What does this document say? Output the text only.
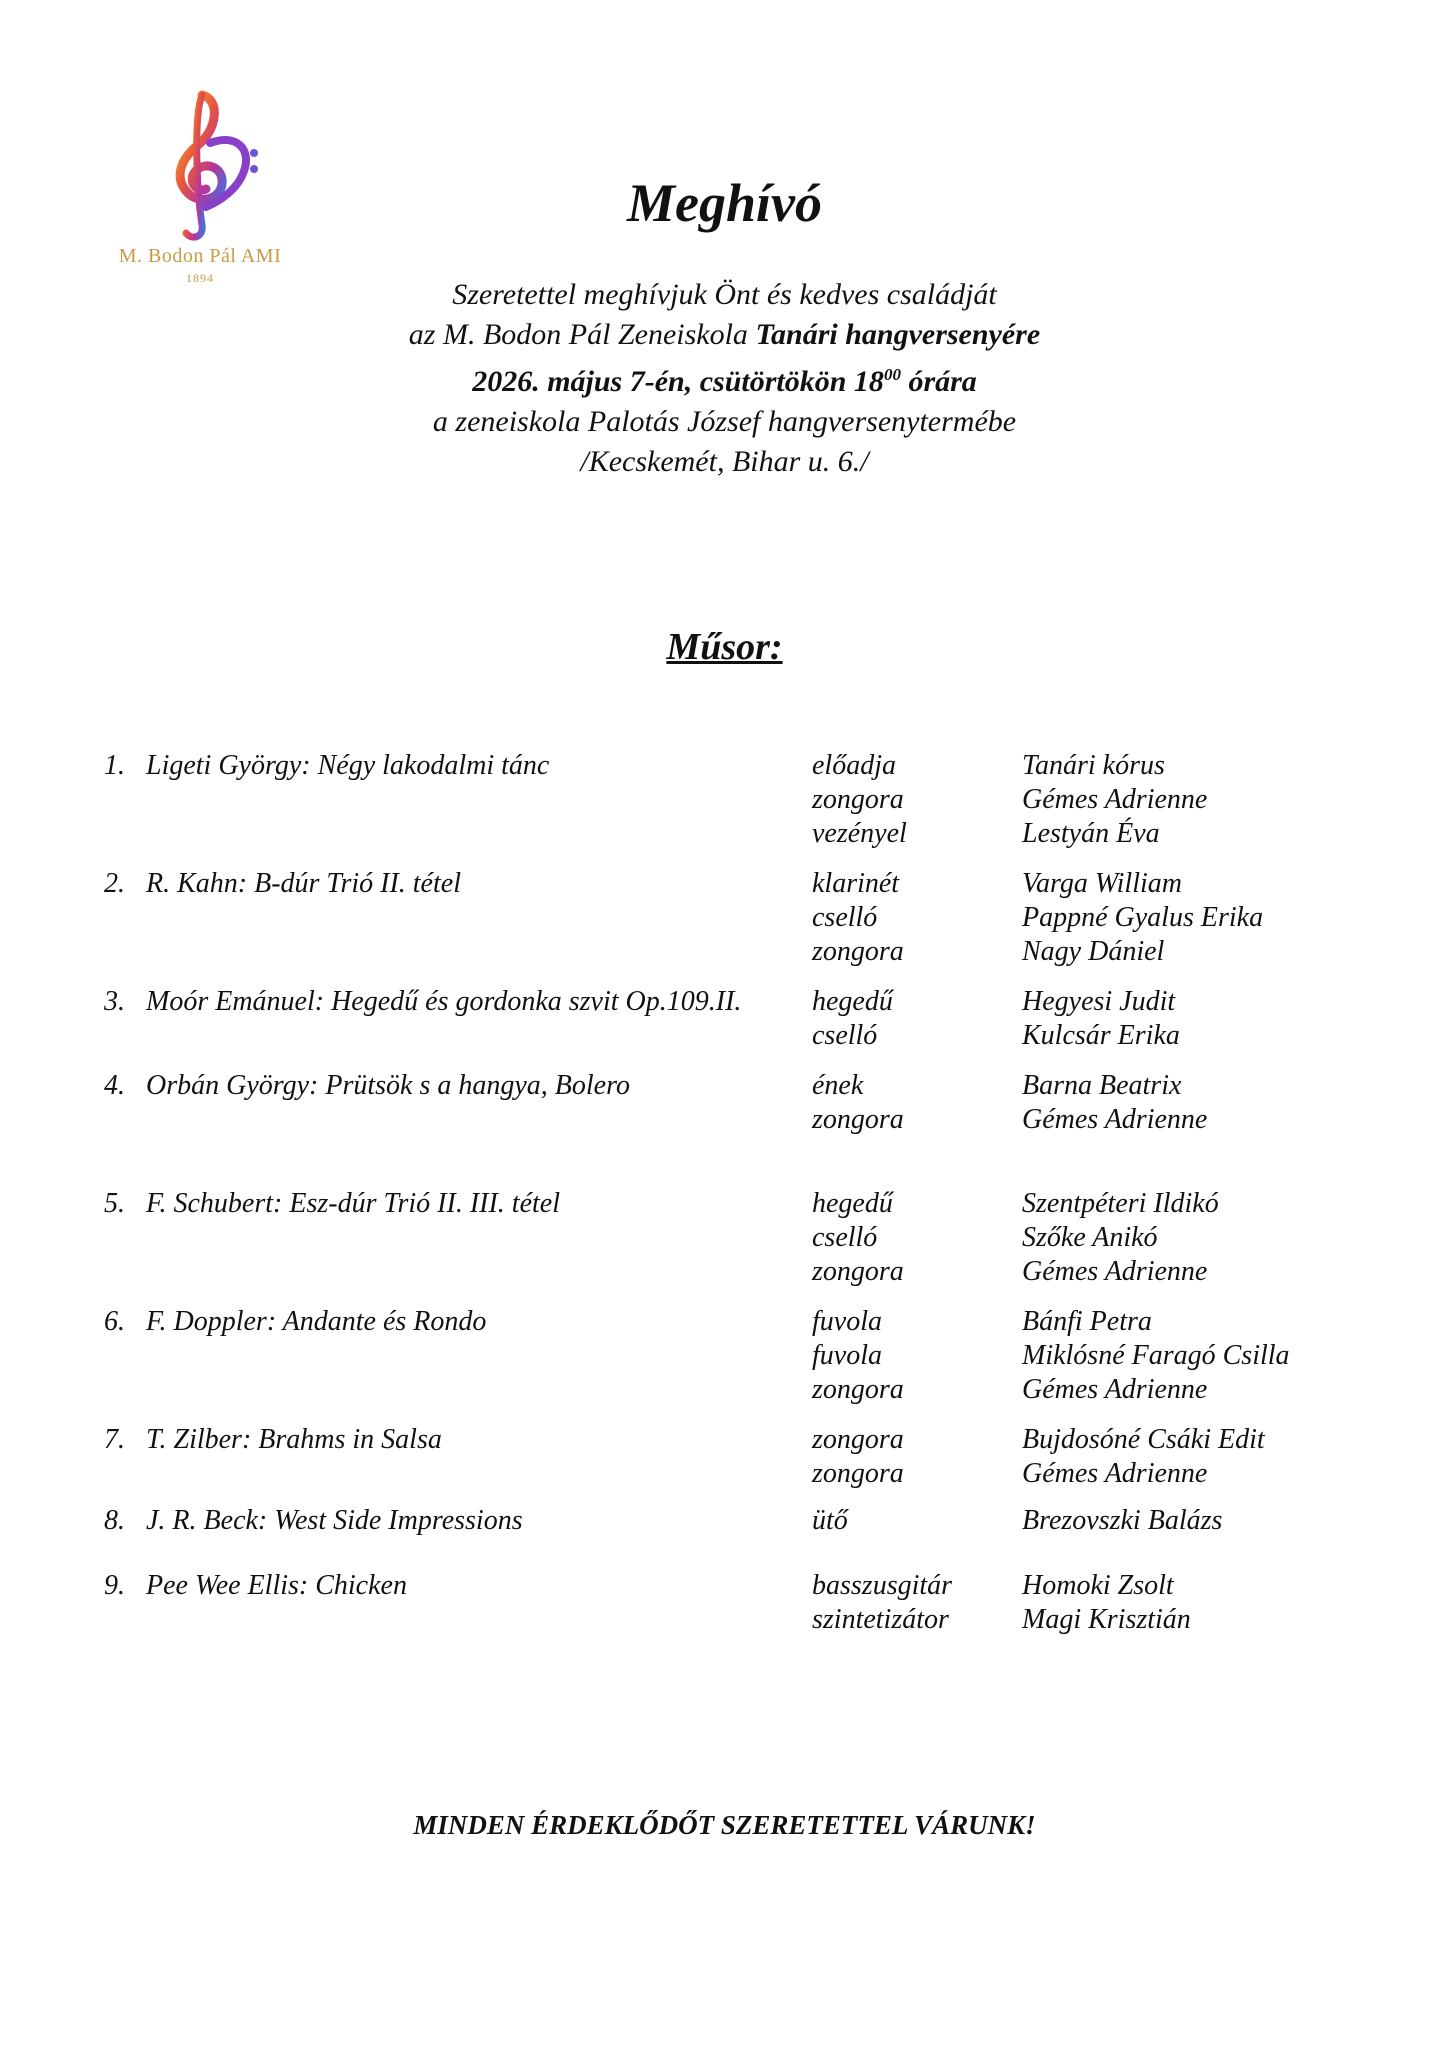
M. Bodon Pál AMI
1894
Meghívó
Szeretettel meghívjuk Önt és kedves családját
az M. Bodon Pál Zeneiskola Tanári hangversenyére
2026. május 7-én, csütörtökön $18^{00}$ órára
a zeneiskola Palotás József hangversenytermébe
/Kecskemét, Bihar u. 6./
Műsor:
1. Ligeti György: Négy lakodalmi tánc	előadja	Tanári kórus
zongora	Gémes Adrienne
vezényel	Lestyán Éva
2. R. Kahn: B-dúr Trió II. tétel	klarinét	Varga William
cselló	Pappné Gyalus Erika
zongora	Nagy Dániel
3. Moór Emánuel: Hegedű és gordonka szvit Op.109.II.	hegedű	Hegyesi Judit
cselló	Kulcsár Erika
4. Orbán György: Prütsök s a hangya, Bolero	ének	Barna Beatrix
zongora	Gémes Adrienne
5. F. Schubert: Esz-dúr Trió II. III. tétel	hegedű	Szentpéteri Ildikó
cselló	Szőke Anikó
zongora	Gémes Adrienne
6. F. Doppler: Andante és Rondo	fuvola	Bánfi Petra
fuvola	Miklósné Faragó Csilla
zongora	Gémes Adrienne
7. T. Zilber: Brahms in Salsa	zongora	Bujdosóné Csáki Edit
zongora	Gémes Adrienne
8. J. R. Beck: West Side Impressions	ütő	Brezovszki Balázs
9. Pee Wee Ellis: Chicken	basszusgitár Homoki Zsolt
szintetizátor	Magi Krisztián
MINDEN ÉRDEKLŐDŐT SZERETETTEL VÁRUNK!
